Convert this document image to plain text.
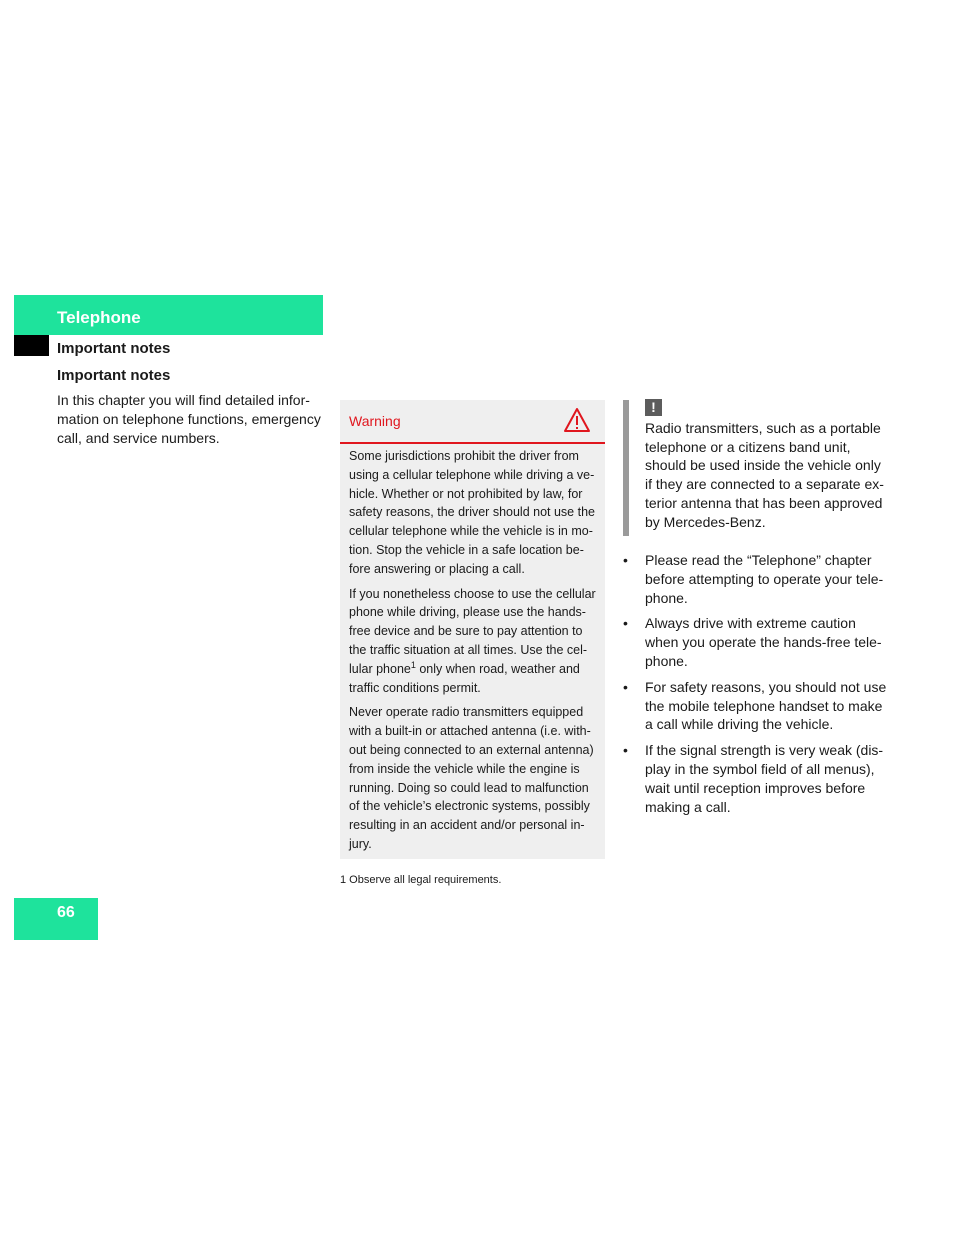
Telephone
Important notes
Important notes

In this chapter you will find detailed infor-mation on telephone functions, emergency call, and service numbers.

Warning

Some jurisdictions prohibit the driver from using a cellular telephone while driving a ve-hicle. Whether or not prohibited by law, for safety reasons, the driver should not use the cellular telephone while the vehicle is in mo-tion. Stop the vehicle in a safe location be-fore answering or placing a call.

If you nonetheless choose to use the cellular phone while driving, please use the hands-free device and be sure to pay attention to the traffic situation at all times. Use the cel-lular phone$^1$ only when road, weather and traffic conditions permit.

Never operate radio transmitters equipped with a built-in or attached antenna (i.e. with-out being connected to an external antenna) from inside the vehicle while the engine is running. Doing so could lead to malfunction of the vehicle’s electronic systems, possibly resulting in an accident and/or personal in-jury.

1 Observe all legal requirements.

!

Radio transmitters, such as a portable telephone or a citizens band unit, should be used inside the vehicle only if they are connected to a separate ex-terior antenna that has been approved by Mercedes-Benz.

• Please read the “Telephone” chapter before attempting to operate your tele-phone.
• Always drive with extreme caution when you operate the hands-free tele-phone.
• For safety reasons, you should not use the mobile telephone handset to make a call while driving the vehicle.
• If the signal strength is very weak (dis-play in the symbol field of all menus), wait until reception improves before making a call.

66
